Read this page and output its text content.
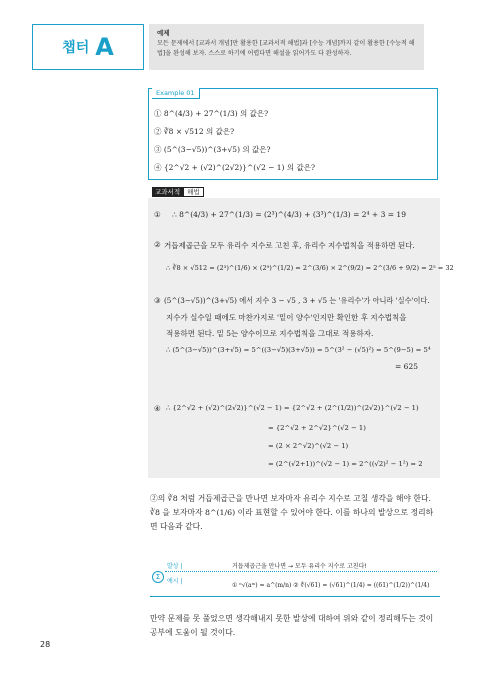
챕터 A	예제
모든 문제에서 [교과서 개념]만 활용한 [교과서적 해법]과 [수능 개념]까지 같이 활용한 [수능적 해법]을 완성해 보자. 스스로 하기에 어렵다면 해설을 읽어가도 다 완성하자.
Example 01
① 8^(4/3) + 27^(1/3) 의 값은?
② ∛8 × √512 의 값은?
③ (5^(3−√5))^(3+√5) 의 값은?
④ {2^√2 + (√2)^(2√2)}^(√2 − 1) 의 값은?
교과서적	해법
① ∴ 8^(4/3) + 27^(1/3) = (2³)^(4/3) + (3³)^(1/3) = 2⁴ + 3 = 19
② 거듭제곱근을 모두 유리수 지수로 고친 후, 유리수 지수법칙을 적용하면 된다.
∴ ∛8 × √512 = (2³)^(1/6) × (2⁹)^(1/2) = 2^(3/6) × 2^(9/2) = 2^(3/6 + 9/2) = 2⁵ = 32
③ (5^(3−√5))^(3+√5) 에서 지수 3 − √5 , 3 + √5 는 '유리수'가 아니라 '실수'이다.
지수가 실수일 때에도 마찬가지로 '밑이 양수'인지만 확인한 후 지수법칙을
적용하면 된다. 밑 5는 양수이므로 지수법칙을 그대로 적용하자.
∴ (5^(3−√5))^(3+√5) = 5^((3−√5)(3+√5)) = 5^(3² − (√5)²) = 5^(9−5) = 5⁴
= 625
④ ∴ {2^√2 + (√2)^(2√2)}^(√2 − 1) = {2^√2 + (2^(1/2))^(2√2)}^(√2 − 1)
= {2^√2 + 2^√2}^(√2 − 1)
= (2 × 2^√2)^(√2 − 1)
= (2^(√2+1))^(√2 − 1) = 2^((√2)² − 1²) = 2
②의 ∛8 처럼 거듭제곱근을 만나면 보자마자 유리수 지수로 고칠 생각을 해야 한다. ∛8 을 보자마자 8^(1/6) 이라 표현할 수 있어야 한다. 이를 하나의 발상으로 정리하면 다음과 같다.
Σ
발상 |
예시 |
거듭제곱근을 만나면 → 모두 유리수 지수로 고친다!
① ⁿ√(aᵐ) = a^(m/n) ② ∜(√61) = (√61)^(1/4) = ((61)^(1/2))^(1/4)
만약 문제를 못 풀었으면 생각해내지 못한 발상에 대하여 위와 같이 정리해두는 것이 공부에 도움이 될 것이다.
28
